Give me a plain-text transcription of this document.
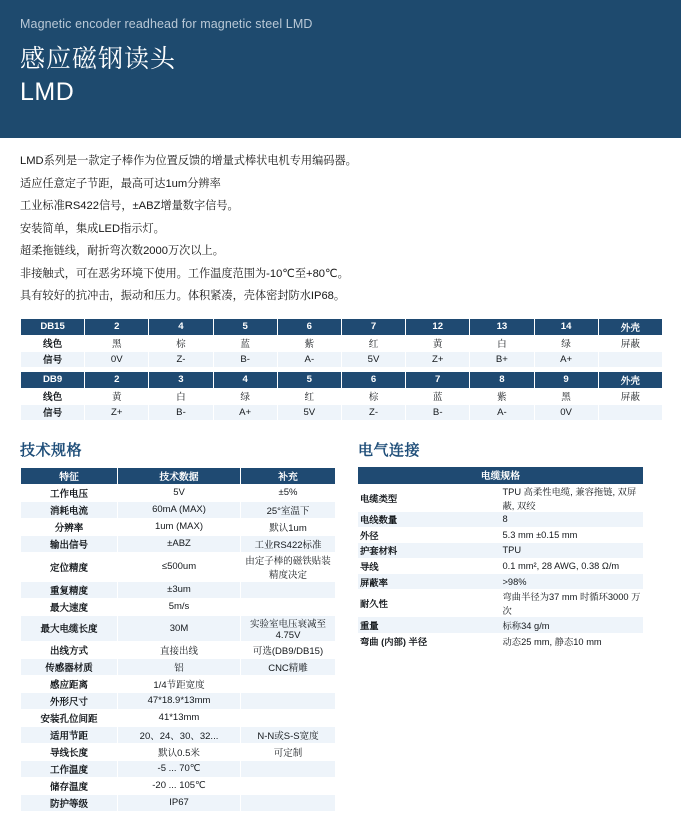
Magnetic encoder readhead for magnetic steel LMD
感应磁钢读头
LMD

LMD系列是一款定子棒作为位置反馈的增量式棒状电机专用编码器。

适应任意定子节距，最高可达1um分辨率

工业标准RS422信号，±ABZ增量数字信号。

安装简单，集成LED指示灯。

超柔拖链线，耐折弯次数2000万次以上。

非接触式，可在恶劣环境下使用。工作温度范围为-10℃至+80℃。

具有较好的抗冲击，振动和压力。体积紧凑，壳体密封防水IP68。

DB15	2	4	5	6	7	12	13	14	外壳
线色	黑	棕	蓝	紫	红	黄	白	绿	屏蔽
信号	0V	Z-	B-	A-	5V	Z+	B+	A+	
DB9	2	3	4	5	6	7	8	9	外壳
线色	黄	白	绿	红	棕	蓝	紫	黑	屏蔽
信号	Z+	B-	A+	5V	Z-	B-	A-	0V	
技术规格
特征	技术数据	补充
工作电压	5V	±5%
消耗电流	60mA (MAX)	25°室温下
分辨率	1um (MAX)	默认1um
输出信号	±ABZ	工业RS422标准
定位精度	≤500um	由定子棒的磁铁贴装精度决定
重复精度	±3um	
最大速度	5m/s	
最大电缆长度	30M	实验室电压衰减至4.75V
出线方式	直接出线	可选(DB9/DB15)
传感器材质	铝	CNC精雕
感应距离	1/4节距宽度	
外形尺寸	47*18.9*13mm	
安装孔位间距	41*13mm	
适用节距	20、24、30、32...	N-N或S-S宽度
导线长度	默认0.5米	可定制
工作温度	-5 ... 70℃	
储存温度	-20 ... 105℃	
防护等级	IP67	
电气连接
电缆规格	
电缆类型	TPU 高柔性电缆, 兼容拖链, 双屏蔽, 双绞
电线数量	8
外径	5.3 mm ±0.15 mm
护套材料	TPU
导线	0.1 mm², 28 AWG, 0.38 Ω/m
屏蔽率	>98%
耐久性	弯曲半径为37 mm 时循环3000 万次
重量	标称34 g/m
弯曲 (内部) 半径	动态25 mm, 静态10 mm
